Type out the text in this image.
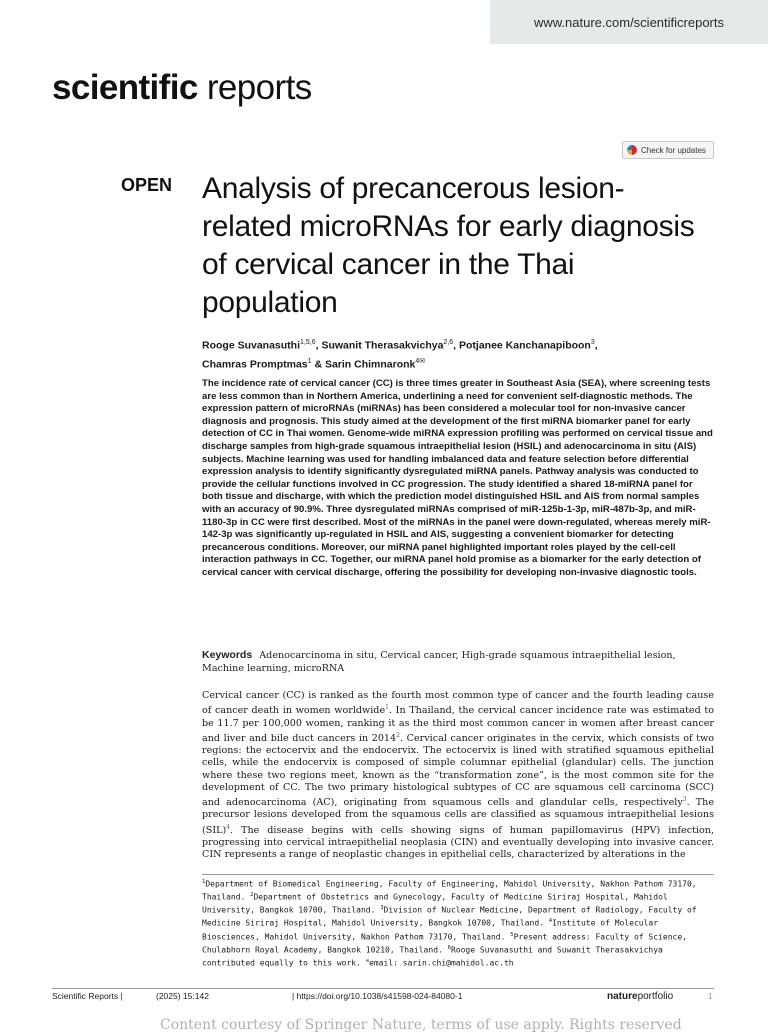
www.nature.com/scientificreports
scientific reports
Check for updates
OPEN Analysis of precancerous lesion-related microRNAs for early diagnosis of cervical cancer in the Thai population
Rooge Suvanasuthi$^{1,5,6}$, Suwanit Therasakvichya$^{2,6}$, Potjanee Kanchanapiboon$^3$,
Chamras Promptmas$^1$ & Sarin Chimnaronk$^{4✉}$

The incidence rate of cervical cancer (CC) is three times greater in Southeast Asia (SEA), where screening tests are less common than in Northern America, underlining a need for convenient self-diagnostic methods. The expression pattern of microRNAs (miRNAs) has been considered a molecular tool for non-invasive cancer diagnosis and prognosis. This study aimed at the development of the first miRNA biomarker panel for early detection of CC in Thai women. Genome-wide miRNA expression profiling was performed on cervical tissue and discharge samples from high-grade squamous intraepithelial lesion (HSIL) and adenocarcinoma in situ (AIS) subjects. Machine learning was used for handling imbalanced data and feature selection before differential expression analysis to identify significantly dysregulated miRNA panels. Pathway analysis was conducted to provide the cellular functions involved in CC progression. The study identified a shared 18-miRNA panel for both tissue and discharge, with which the prediction model distinguished HSIL and AIS from normal samples with an accuracy of 90.9%. Three dysregulated miRNAs comprised of miR-125b-1-3p, miR-487b-3p, and miR-1180-3p in CC were first described. Most of the miRNAs in the panel were down-regulated, whereas merely miR-142-3p was significantly up-regulated in HSIL and AIS, suggesting a convenient biomarker for detecting precancerous conditions. Moreover, our miRNA panel highlighted important roles played by the cell-cell interaction pathways in CC. Together, our miRNA panel hold promise as a biomarker for the early detection of cervical cancer with cervical discharge, offering the possibility for developing non-invasive diagnostic tools.

Keywords Adenocarcinoma in situ, Cervical cancer, High-grade squamous intraepithelial lesion, Machine learning, microRNA

Cervical cancer (CC) is ranked as the fourth most common type of cancer and the fourth leading cause of cancer death in women worldwide$^1$. In Thailand, the cervical cancer incidence rate was estimated to be 11.7 per 100,000 women, ranking it as the third most common cancer in women after breast cancer and liver and bile duct cancers in 2014$^2$. Cervical cancer originates in the cervix, which consists of two regions: the ectocervix and the endocervix. The ectocervix is lined with stratified squamous epithelial cells, while the endocervix is composed of simple columnar epithelial (glandular) cells. The junction where these two regions meet, known as the “transformation zone”, is the most common site for the development of CC. The two primary histological subtypes of CC are squamous cell carcinoma (SCC) and adenocarcinoma (AC), originating from squamous cells and glandular cells, respectively$^3$. The precursor lesions developed from the squamous cells are classified as squamous intraepithelial lesions (SIL)$^4$. The disease begins with cells showing signs of human papillomavirus (HPV) infection, progressing into cervical intraepithelial neoplasia (CIN) and eventually developing into invasive cancer. CIN represents a range of neoplastic changes in epithelial cells, characterized by alterations in the

$^1$Department of Biomedical Engineering, Faculty of Engineering, Mahidol University, Nakhon Pathom 73170, Thailand. $^2$Department of Obstetrics and Gynecology, Faculty of Medicine Siriraj Hospital, Mahidol University, Bangkok 10700, Thailand. $^3$Division of Nuclear Medicine, Department of Radiology, Faculty of Medicine Siriraj Hospital, Mahidol University, Bangkok 10700, Thailand. $^4$Institute of Molecular Biosciences, Mahidol University, Nakhon Pathom 73170, Thailand. $^5$Present address: Faculty of Science, Chulabhorn Royal Academy, Bangkok 10210, Thailand. $^6$Rooge Suvanasuthi and Suwanit Therasakvichya contributed equally to this work. ✉email: sarin.chi@mahidol.ac.th
Scientific Reports |	(2025) 15:142	| https://doi.org/10.1038/s41598-024-84080-1	natureportfolio	1
Content courtesy of Springer Nature, terms of use apply. Rights reserved
